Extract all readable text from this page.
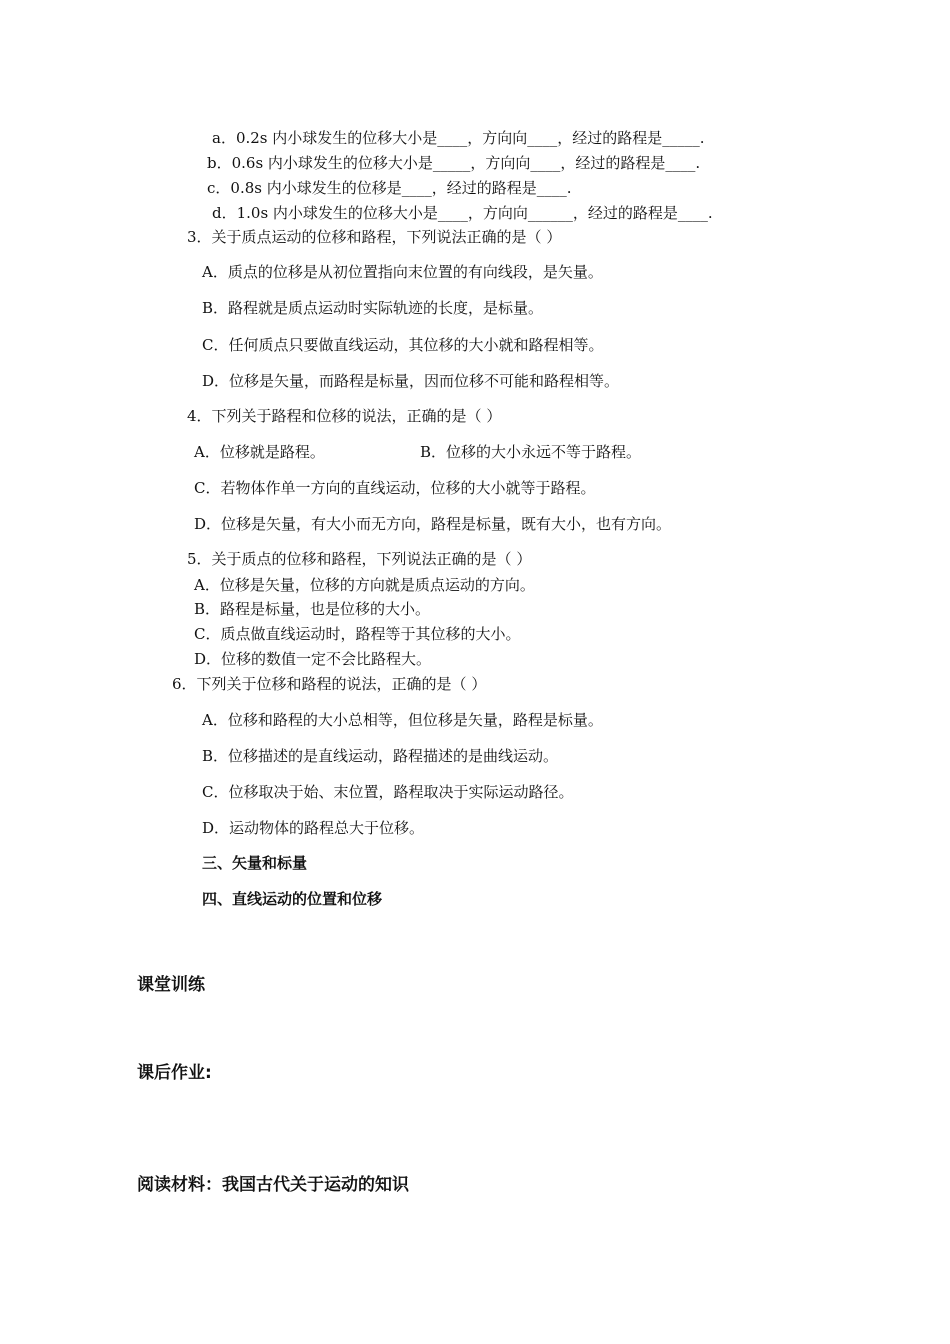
a．0.2s 内小球发生的位移大小是____，方向向____，经过的路程是_____.
b．0.6s 内小球发生的位移大小是_____，方向向____，经过的路程是____.
c．0.8s 内小球发生的位移是____，经过的路程是____.
d．1.0s 内小球发生的位移大小是____，方向向______，经过的路程是____.
3．关于质点运动的位移和路程，下列说法正确的是（ ）
A．质点的位移是从初位置指向末位置的有向线段，是矢量。
B．路程就是质点运动时实际轨迹的长度，是标量。
C．任何质点只要做直线运动，其位移的大小就和路程相等。
D．位移是矢量，而路程是标量，因而位移不可能和路程相等。
4．下列关于路程和位移的说法，正确的是（ ）
A．位移就是路程。	B．位移的大小永远不等于路程。
C．若物体作单一方向的直线运动，位移的大小就等于路程。
D．位移是矢量，有大小而无方向，路程是标量，既有大小，也有方向。
5．关于质点的位移和路程，下列说法正确的是（ ）
A．位移是矢量，位移的方向就是质点运动的方向。
B．路程是标量，也是位移的大小。
C．质点做直线运动时，路程等于其位移的大小。
D．位移的数值一定不会比路程大。
6．下列关于位移和路程的说法，正确的是（ ）
A．位移和路程的大小总相等，但位移是矢量，路程是标量。
B．位移描述的是直线运动，路程描述的是曲线运动。
C．位移取决于始、末位置，路程取决于实际运动路径。
D．运动物体的路程总大于位移。
三、矢量和标量
四、直线运动的位置和位移
课堂训练
课后作业:
阅读材料：我国古代关于运动的知识
